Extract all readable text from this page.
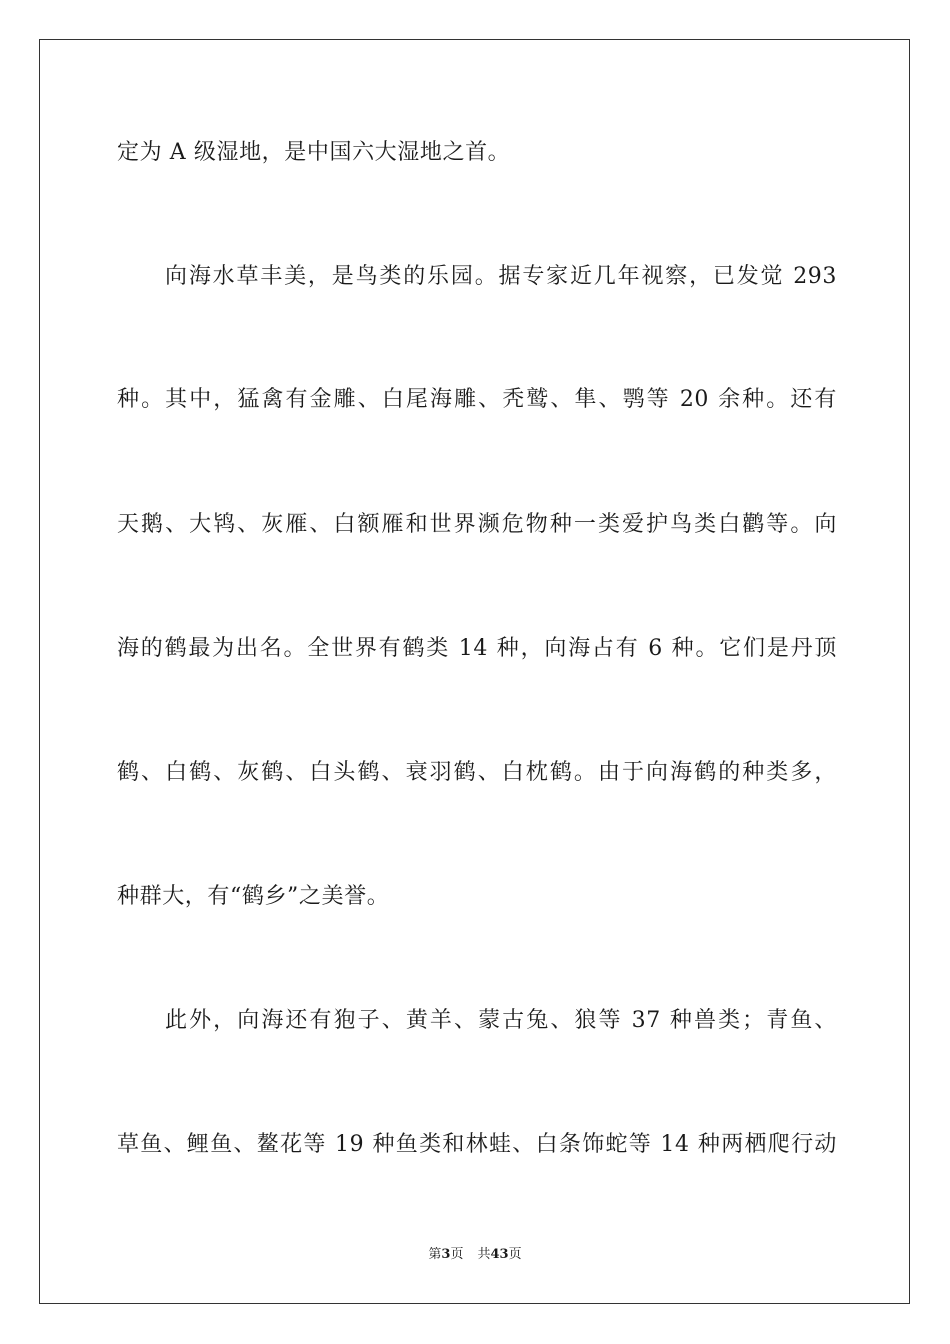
定为 A 级湿地，是中国六大湿地之首。
向海水草丰美，是鸟类的乐园。据专家近几年视察，已发觉 293
种。其中，猛禽有金雕、白尾海雕、秃鹫、隼、鹗等 20 余种。还有
天鹅、大鸨、灰雁、白额雁和世界濒危物种一类爱护鸟类白鹳等。向
海的鹤最为出名。全世界有鹤类 14 种，向海占有 6 种。它们是丹顶
鹤、白鹤、灰鹤、白头鹤、衰羽鹤、白枕鹤。由于向海鹤的种类多，
种群大，有“鹤乡”之美誉。
此外，向海还有狍子、黄羊、蒙古兔、狼等 37 种兽类；青鱼、
草鱼、鲤鱼、鳌花等 19 种鱼类和林蛙、白条饰蛇等 14 种两栖爬行动
第3页 共43页
